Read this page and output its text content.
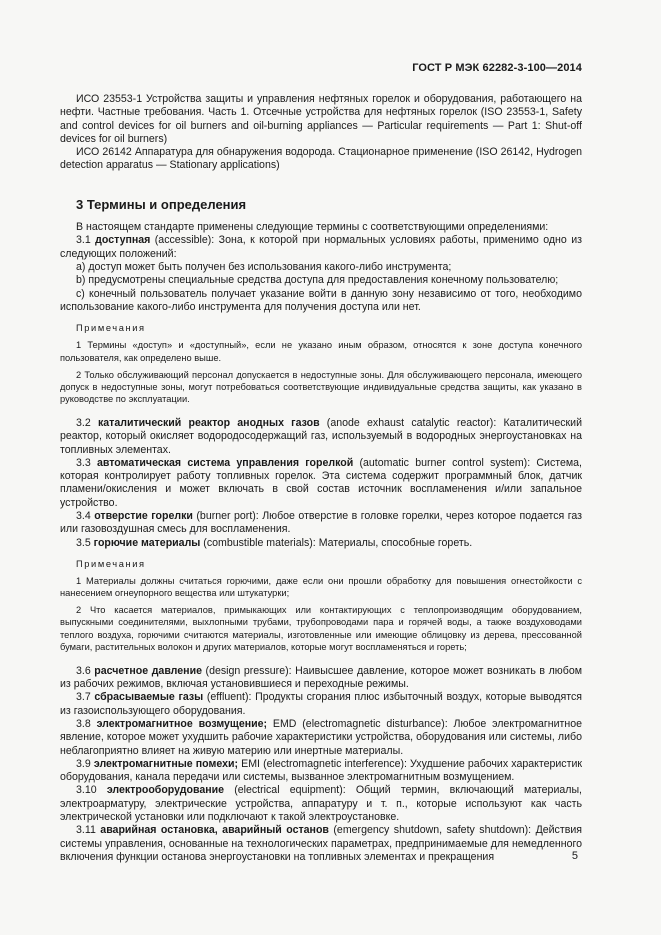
ГОСТ Р МЭК 62282-3-100—2014

ИСО 23553-1 Устройства защиты и управления нефтяных горелок и оборудования, работающего на нефти. Частные требования. Часть 1. Отсечные устройства для нефтяных горелок (ISO 23553-1, Safety and control devices for oil burners and oil-burning appliances — Particular requirements — Part 1: Shut-off devices for oil burners)

ИСО 26142 Аппаратура для обнаружения водорода. Стационарное применение (ISO 26142, Hydrogen detection apparatus — Stationary applications)

3 Термины и определения

В настоящем стандарте применены следующие термины с соответствующими определениями:

3.1 доступная (accessible): Зона, к которой при нормальных условиях работы, применимо одно из следующих положений:

а) доступ может быть получен без использования какого-либо инструмента;

b) предусмотрены специальные средства доступа для предоставления конечному пользователю;

с) конечный пользователь получает указание войти в данную зону независимо от того, необходимо использование какого-либо инструмента для получения доступа или нет.

Примечания

1 Термины «доступ» и «доступный», если не указано иным образом, относятся к зоне доступа конечного пользователя, как определено выше.

2 Только обслуживающий персонал допускается в недоступные зоны. Для обслуживающего персонала, имеющего допуск в недоступные зоны, могут потребоваться соответствующие индивидуальные средства защиты, как указано в руководстве по эксплуатации.

3.2 каталитический реактор анодных газов (anode exhaust catalytic reactor): Каталитический реактор, который окисляет водородосодержащий газ, используемый в водородных энергоустановках на топливных элементах.

3.3 автоматическая система управления горелкой (automatic burner control system): Система, которая контролирует работу топливных горелок. Эта система содержит программный блок, датчик пламени/окисления и может включать в свой состав источник воспламенения и/или запальное устройство.

3.4 отверстие горелки (burner port): Любое отверстие в головке горелки, через которое подается газ или газовоздушная смесь для воспламенения.

3.5 горючие материалы (combustible materials): Материалы, способные гореть.

Примечания

1 Материалы должны считаться горючими, даже если они прошли обработку для повышения огнестойкости с нанесением огнеупорного вещества или штукатурки;

2 Что касается материалов, примыкающих или контактирующих с теплопроизводящим оборудованием, выпускными соединителями, выхлопными трубами, трубопроводами пара и горячей воды, а также воздуховодами теплого воздуха, горючими считаются материалы, изготовленные или имеющие облицовку из дерева, прессованной бумаги, растительных волокон и других материалов, которые могут воспламеняться и гореть;

3.6 расчетное давление (design pressure): Наивысшее давление, которое может возникать в любом из рабочих режимов, включая установившиеся и переходные режимы.

3.7 сбрасываемые газы (effluent): Продукты сгорания плюс избыточный воздух, которые выводятся из газоиспользующего оборудования.

3.8 электромагнитное возмущение; EMD (electromagnetic disturbance): Любое электромагнитное явление, которое может ухудшить рабочие характеристики устройства, оборудования или системы, либо неблагоприятно влияет на живую материю или инертные материалы.

3.9 электромагнитные помехи; EMI (electromagnetic interference): Ухудшение рабочих характеристик оборудования, канала передачи или системы, вызванное электромагнитным возмущением.

3.10 электрооборудование (electrical equipment): Общий термин, включающий материалы, электроарматуру, электрические устройства, аппаратуру и т. п., которые используют как часть электрической установки или подключают к такой электроустановке.

3.11 аварийная остановка, аварийный останов (emergency shutdown, safety shutdown): Действия системы управления, основанные на технологических параметрах, предпринимаемые для немедленного включения функции останова энергоустановки на топливных элементах и прекращения	5
